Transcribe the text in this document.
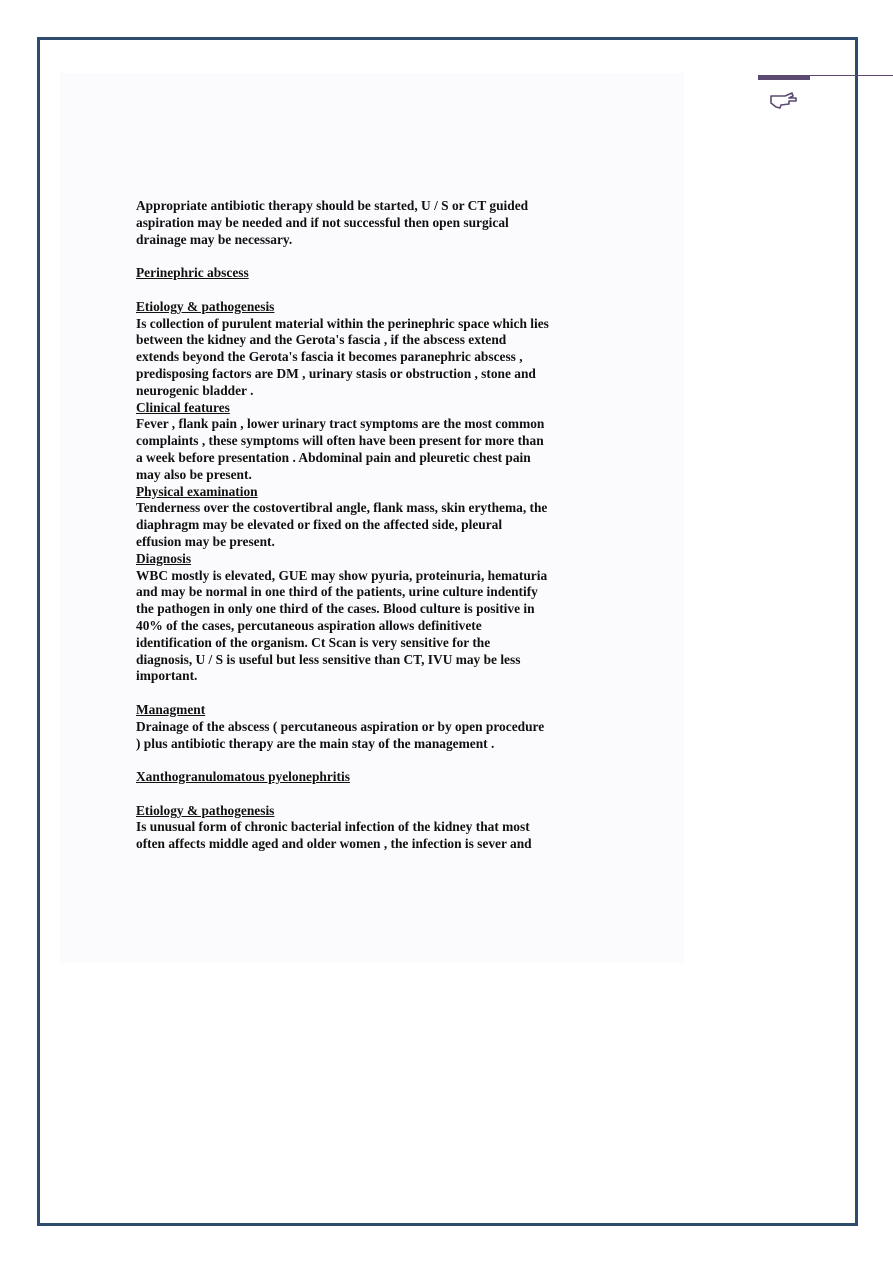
Appropriate antibiotic therapy should be started, U / S or CT guided

aspiration may be needed and if not successful then open surgical

drainage may be necessary.

Perinephric abscess

Etiology & pathogenesis

Is collection of purulent material within the perinephric space which lies

between the kidney and the Gerota's fascia , if the abscess extend

extends beyond the Gerota's fascia it becomes paranephric abscess ,

predisposing factors are DM , urinary stasis or obstruction , stone and

neurogenic bladder .

Clinical features

Fever , flank pain , lower urinary tract symptoms are the most common

complaints , these symptoms will often have been present for more than

a week before presentation . Abdominal pain and pleuretic chest pain

may also be present.

Physical examination

Tenderness over the costovertibral angle, flank mass, skin erythema, the

diaphragm may be elevated or fixed on the affected side, pleural

effusion may be present.

Diagnosis

WBC mostly is elevated, GUE may show pyuria, proteinuria, hematuria

and may be normal in one third of the patients, urine culture indentify

the pathogen in only one third of the cases. Blood culture is positive in

40% of the cases, percutaneous aspiration allows definitivete

identification of the organism. Ct Scan is very sensitive for the

diagnosis, U / S is useful but less sensitive than CT, IVU may be less

important.

Managment

Drainage of the abscess ( percutaneous aspiration or by open procedure

) plus antibiotic therapy are the main stay of the management .

Xanthogranulomatous pyelonephritis

Etiology & pathogenesis

Is unusual form of chronic bacterial infection of the kidney that most

often affects middle aged and older women , the infection is sever and
